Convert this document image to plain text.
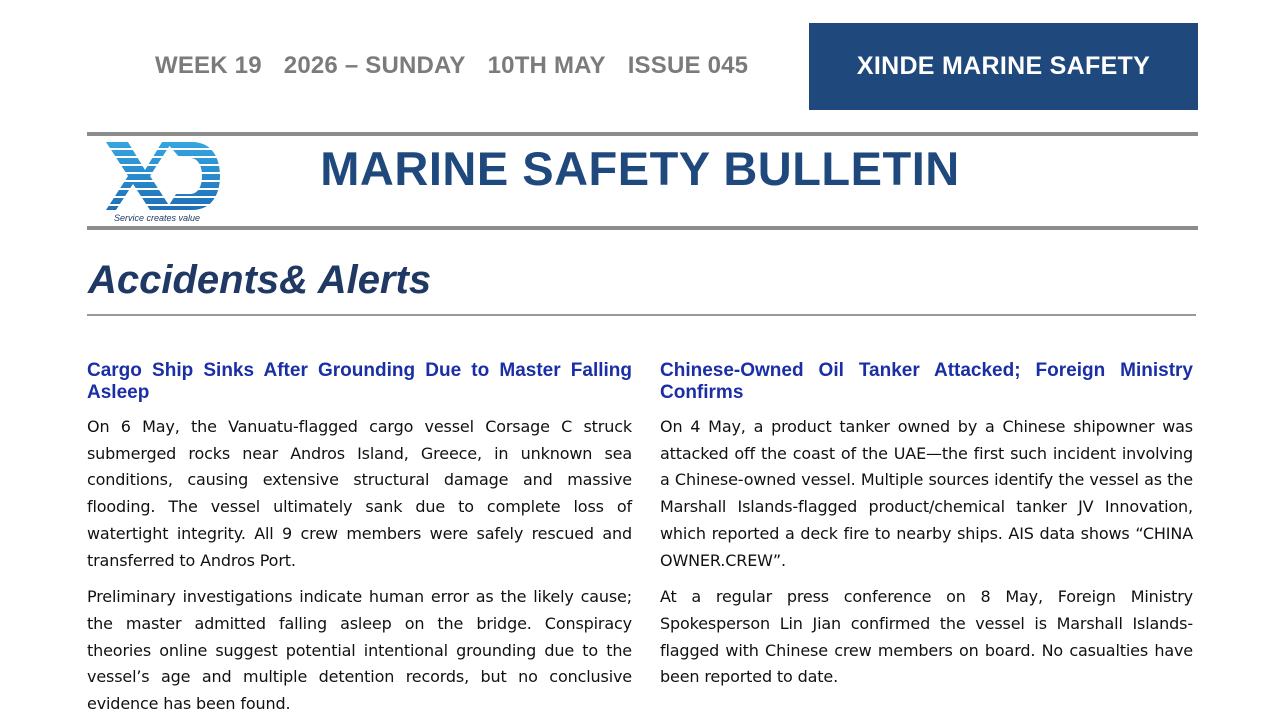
WEEK 19 2026 – SUNDAY 10TH MAY ISSUE 045	XINDE MARINE SAFETY
Service creates value
MARINE SAFETY BULLETIN
Accidents& Alerts
Cargo Ship Sinks After Grounding Due to Master Falling Asleep

On 6 May, the Vanuatu-flagged cargo vessel Corsage C struck submerged rocks near Andros Island, Greece, in unknown sea conditions, causing extensive structural damage and massive flooding. The vessel ultimately sank due to complete loss of watertight integrity. All 9 crew members were safely rescued and transferred to Andros Port.

Preliminary investigations indicate human error as the likely cause; the master admitted falling asleep on the bridge. Conspiracy theories online suggest potential intentional grounding due to the vessel’s age and multiple detention records, but no conclusive evidence has been found.

Chinese-Owned Oil Tanker Attacked; Foreign Ministry Confirms

On 4 May, a product tanker owned by a Chinese shipowner was attacked off the coast of the UAE—the first such incident involving a Chinese-owned vessel. Multiple sources identify the vessel as the Marshall Islands-flagged product/chemical tanker JV Innovation, which reported a deck fire to nearby ships. AIS data shows “CHINA OWNER.CREW”.

At a regular press conference on 8 May, Foreign Ministry Spokesperson Lin Jian confirmed the vessel is Marshall Islands-flagged with Chinese crew members on board. No casualties have been reported to date.
